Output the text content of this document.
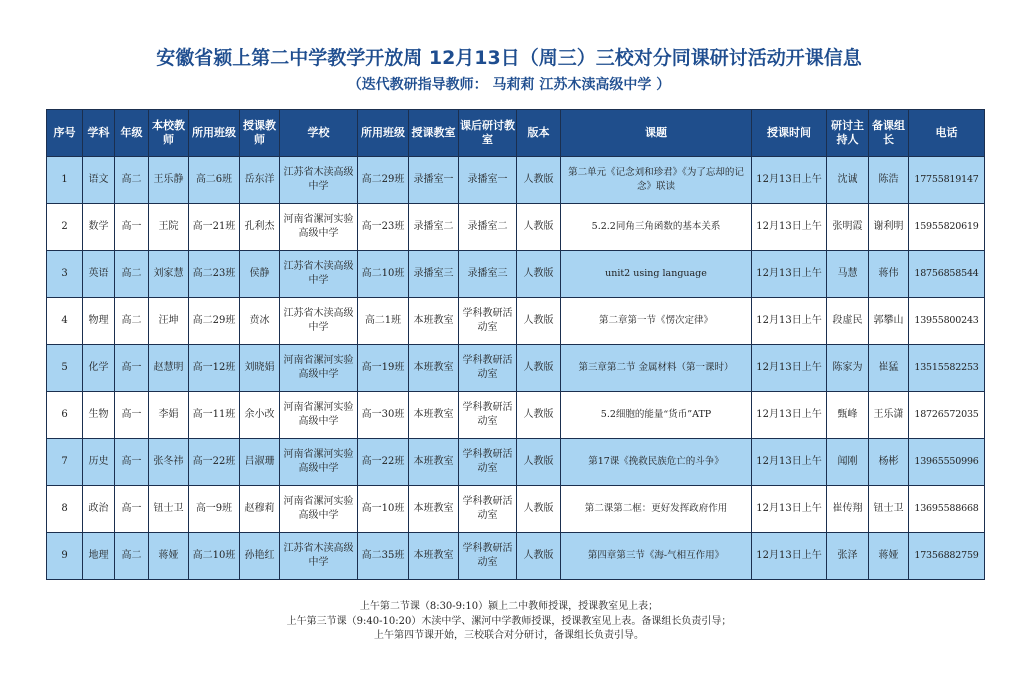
安徽省颍上第二中学教学开放周 12月13日（周三）三校对分同课研讨活动开课信息
（迭代教研指导教师： 马莉莉 江苏木渎高级中学 ）
序号	学科	年级	本校教师	所用班级	授课教师	学校	所用班级	授课教室	课后研讨教室	版本	课题	授课时间	研讨主持人	备课组长	电话
1	语文	高二	王乐静	高二6班	岳东洋	江苏省木渎高级中学	高二29班	录播室一	录播室一	人教版	第二单元《记念刘和珍君》《为了忘却的记念》联读	12月13日上午	沈诚	陈浩	17755819147
2	数学	高一	王院	高一21班	孔利杰	河南省漯河实验高级中学	高一23班	录播室二	录播室二	人教版	5.2.2同角三角函数的基本关系	12月13日上午	张明霞	谢利明	15955820619
3	英语	高二	刘家慧	高二23班	侯静	江苏省木渎高级中学	高二10班	录播室三	录播室三	人教版	unit2 using language	12月13日上午	马慧	蒋伟	18756858544
4	物理	高二	汪坤	高二29班	贲冰	江苏省木渎高级中学	高二1班	本班教室	学科教研活动室	人教版	第二章第一节《愣次定律》	12月13日上午	段虚民	郭攀山	13955800243
5	化学	高一	赵慧明	高一12班	刘晓娟	河南省漯河实验高级中学	高一19班	本班教室	学科教研活动室	人教版	第三章第二节 金属材料（第一课时）	12月13日上午	陈家为	崔猛	13515582253
6	生物	高一	李娟	高一11班	余小改	河南省漯河实验高级中学	高一30班	本班教室	学科教研活动室	人教版	5.2细胞的能量“货币”ATP	12月13日上午	甄峰	王乐潇	18726572035
7	历史	高一	张冬祎	高一22班	吕淑珊	河南省漯河实验高级中学	高一22班	本班教室	学科教研活动室	人教版	第17课《挽救民族危亡的斗争》	12月13日上午	闻刚	杨彬	13965550996
8	政治	高一	钮士卫	高一9班	赵穆莉	河南省漯河实验高级中学	高一10班	本班教室	学科教研活动室	人教版	第二课第二框：更好发挥政府作用	12月13日上午	崔传翔	钮士卫	13695588668
9	地理	高二	蒋娅	高二10班	孙艳红	江苏省木渎高级中学	高二35班	本班教室	学科教研活动室	人教版	第四章第三节《海-气相互作用》	12月13日上午	张泽	蒋娅	17356882759
上午第二节课（8:30-9:10）颍上二中教师授课，授课教室见上表；
上午第三节课（9:40-10:20）木渎中学、漯河中学教师授课，授课教室见上表。备课组长负责引导；
上午第四节课开始，三校联合对分研讨，备课组长负责引导。
